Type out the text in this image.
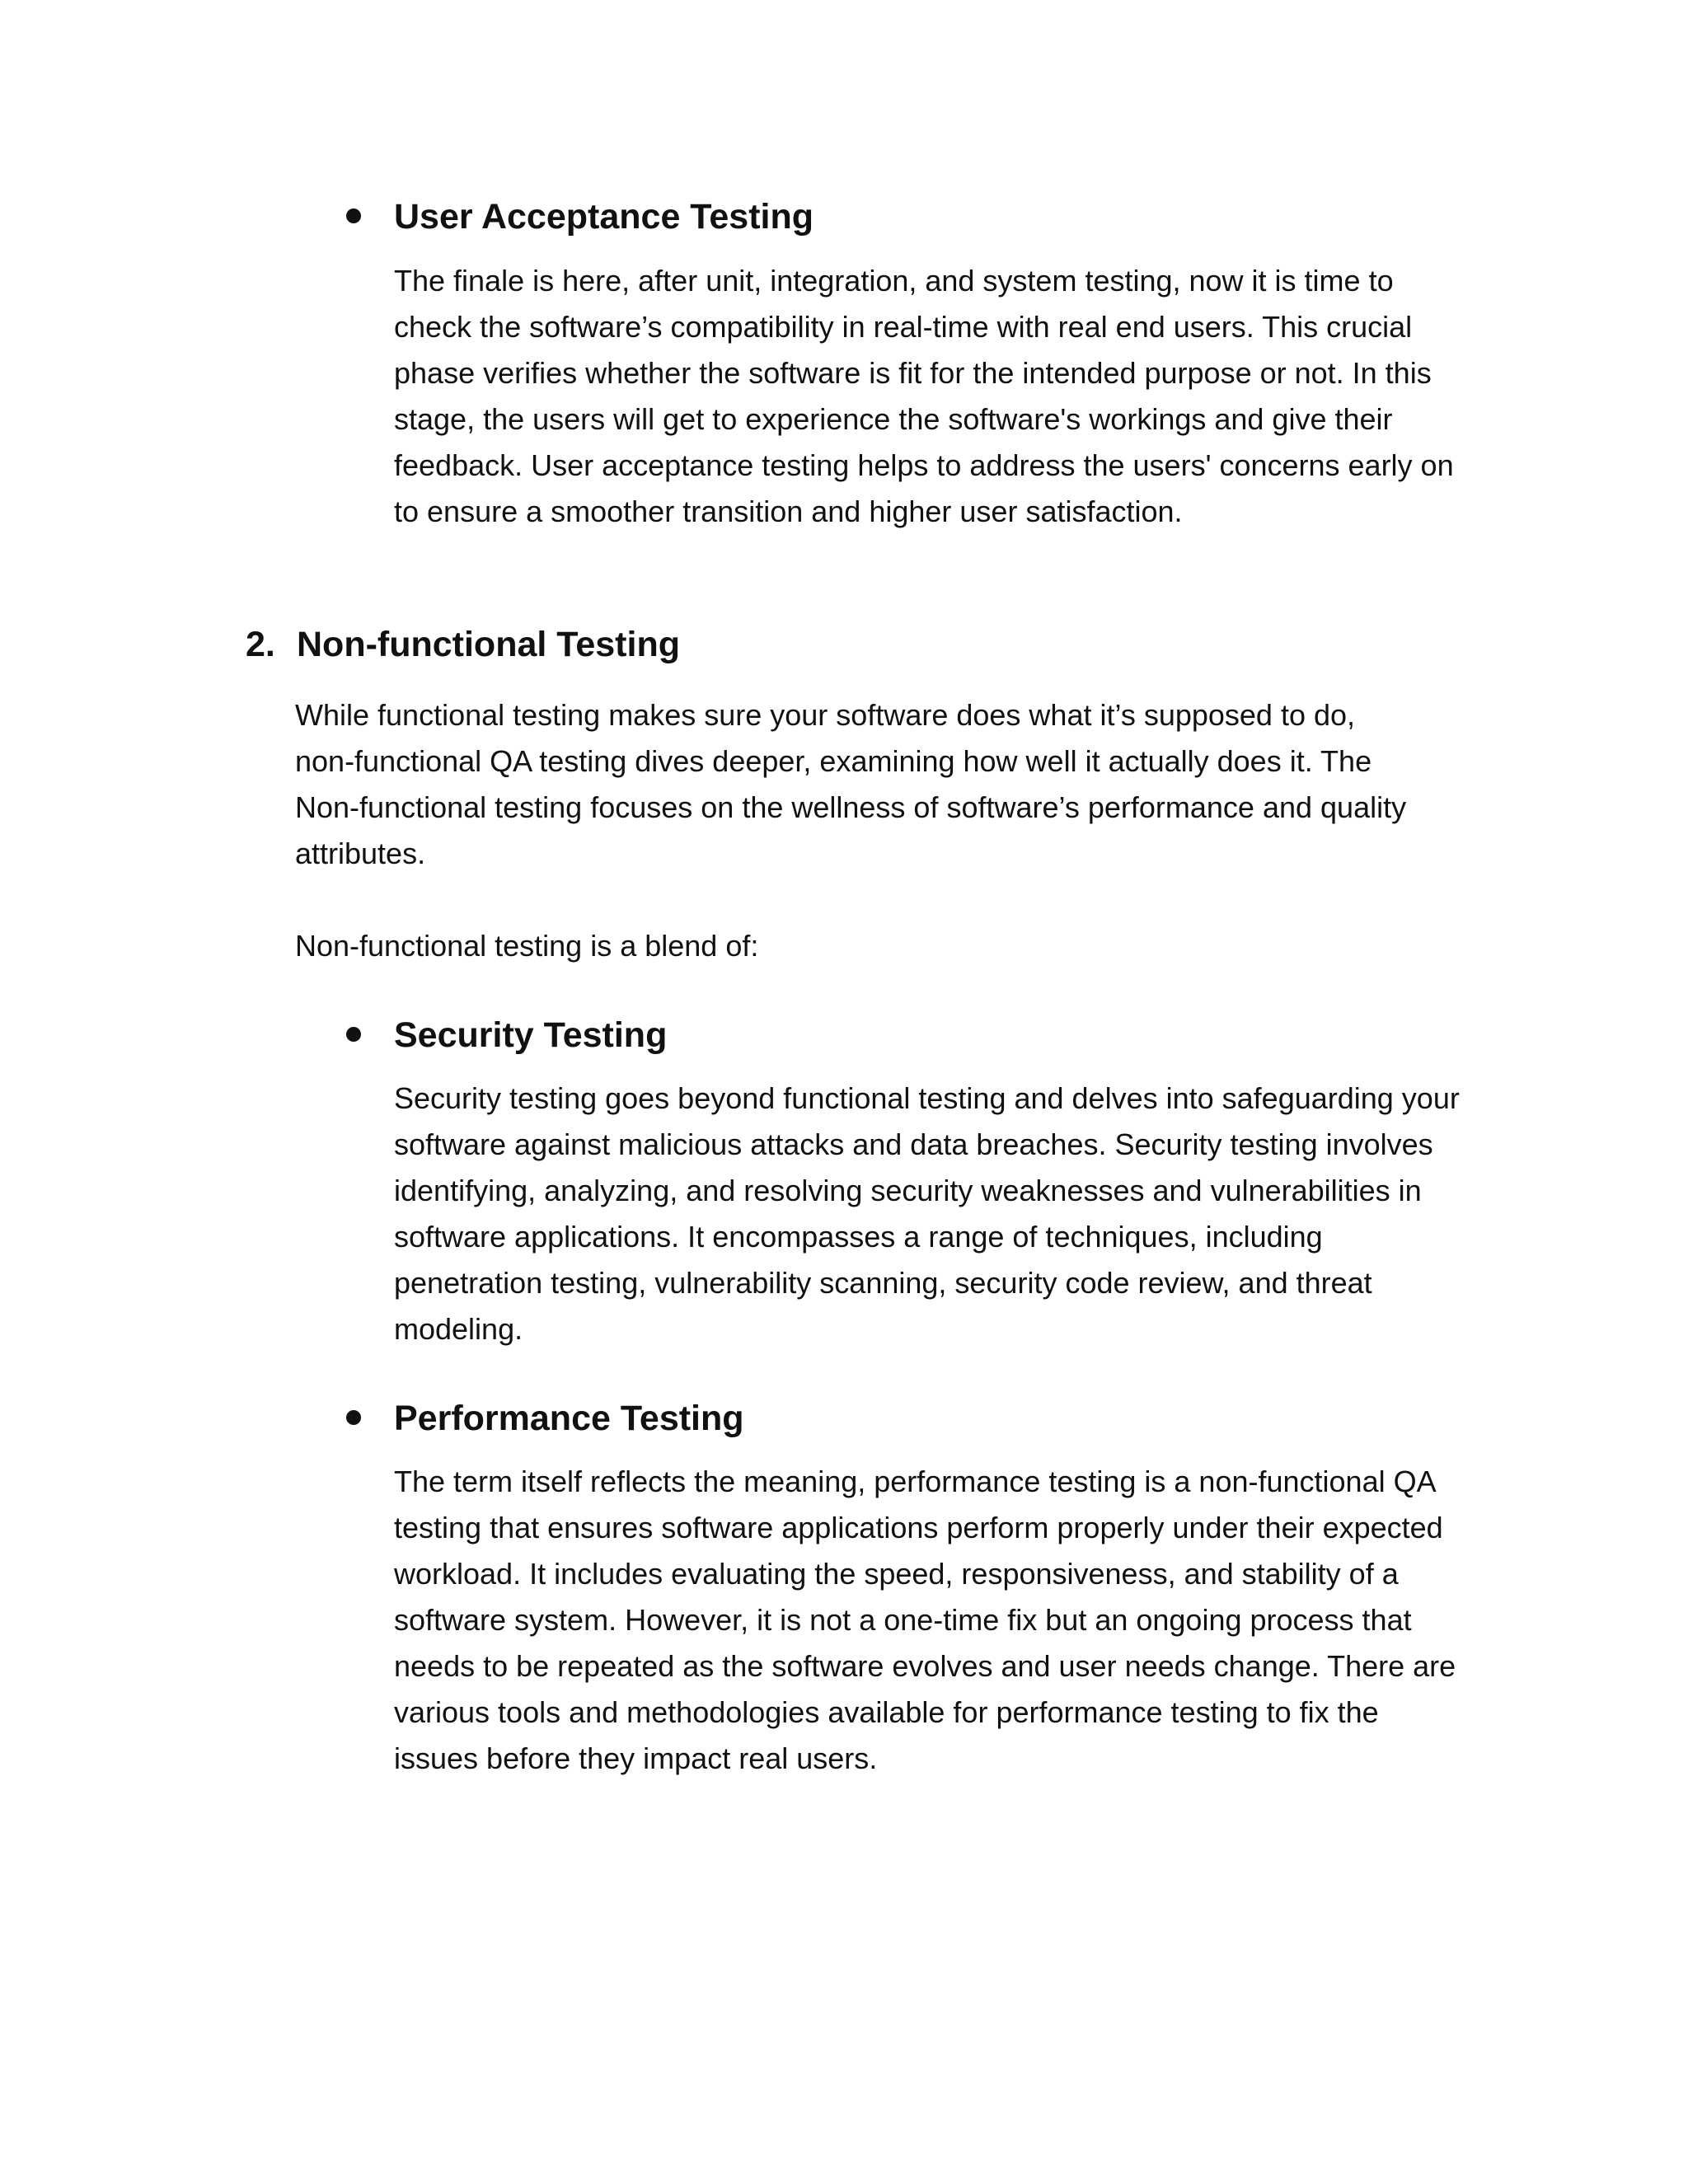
User Acceptance Testing
The finale is here, after unit, integration, and system testing, now it is time to
check the software’s compatibility in real-time with real end users. This crucial
phase verifies whether the software is fit for the intended purpose or not. In this
stage, the users will get to experience the software's workings and give their
feedback. User acceptance testing helps to address the users' concerns early on
to ensure a smoother transition and higher user satisfaction.
2. Non-functional Testing
While functional testing makes sure your software does what it’s supposed to do,
non-functional QA testing dives deeper, examining how well it actually does it. The
Non-functional testing focuses on the wellness of software’s performance and quality
attributes.
Non-functional testing is a blend of:
Security Testing
Security testing goes beyond functional testing and delves into safeguarding your
software against malicious attacks and data breaches. Security testing involves
identifying, analyzing, and resolving security weaknesses and vulnerabilities in
software applications. It encompasses a range of techniques, including
penetration testing, vulnerability scanning, security code review, and threat
modeling.
Performance Testing
The term itself reflects the meaning, performance testing is a non-functional QA
testing that ensures software applications perform properly under their expected
workload. It includes evaluating the speed, responsiveness, and stability of a
software system. However, it is not a one-time fix but an ongoing process that
needs to be repeated as the software evolves and user needs change. There are
various tools and methodologies available for performance testing to fix the
issues before they impact real users.
